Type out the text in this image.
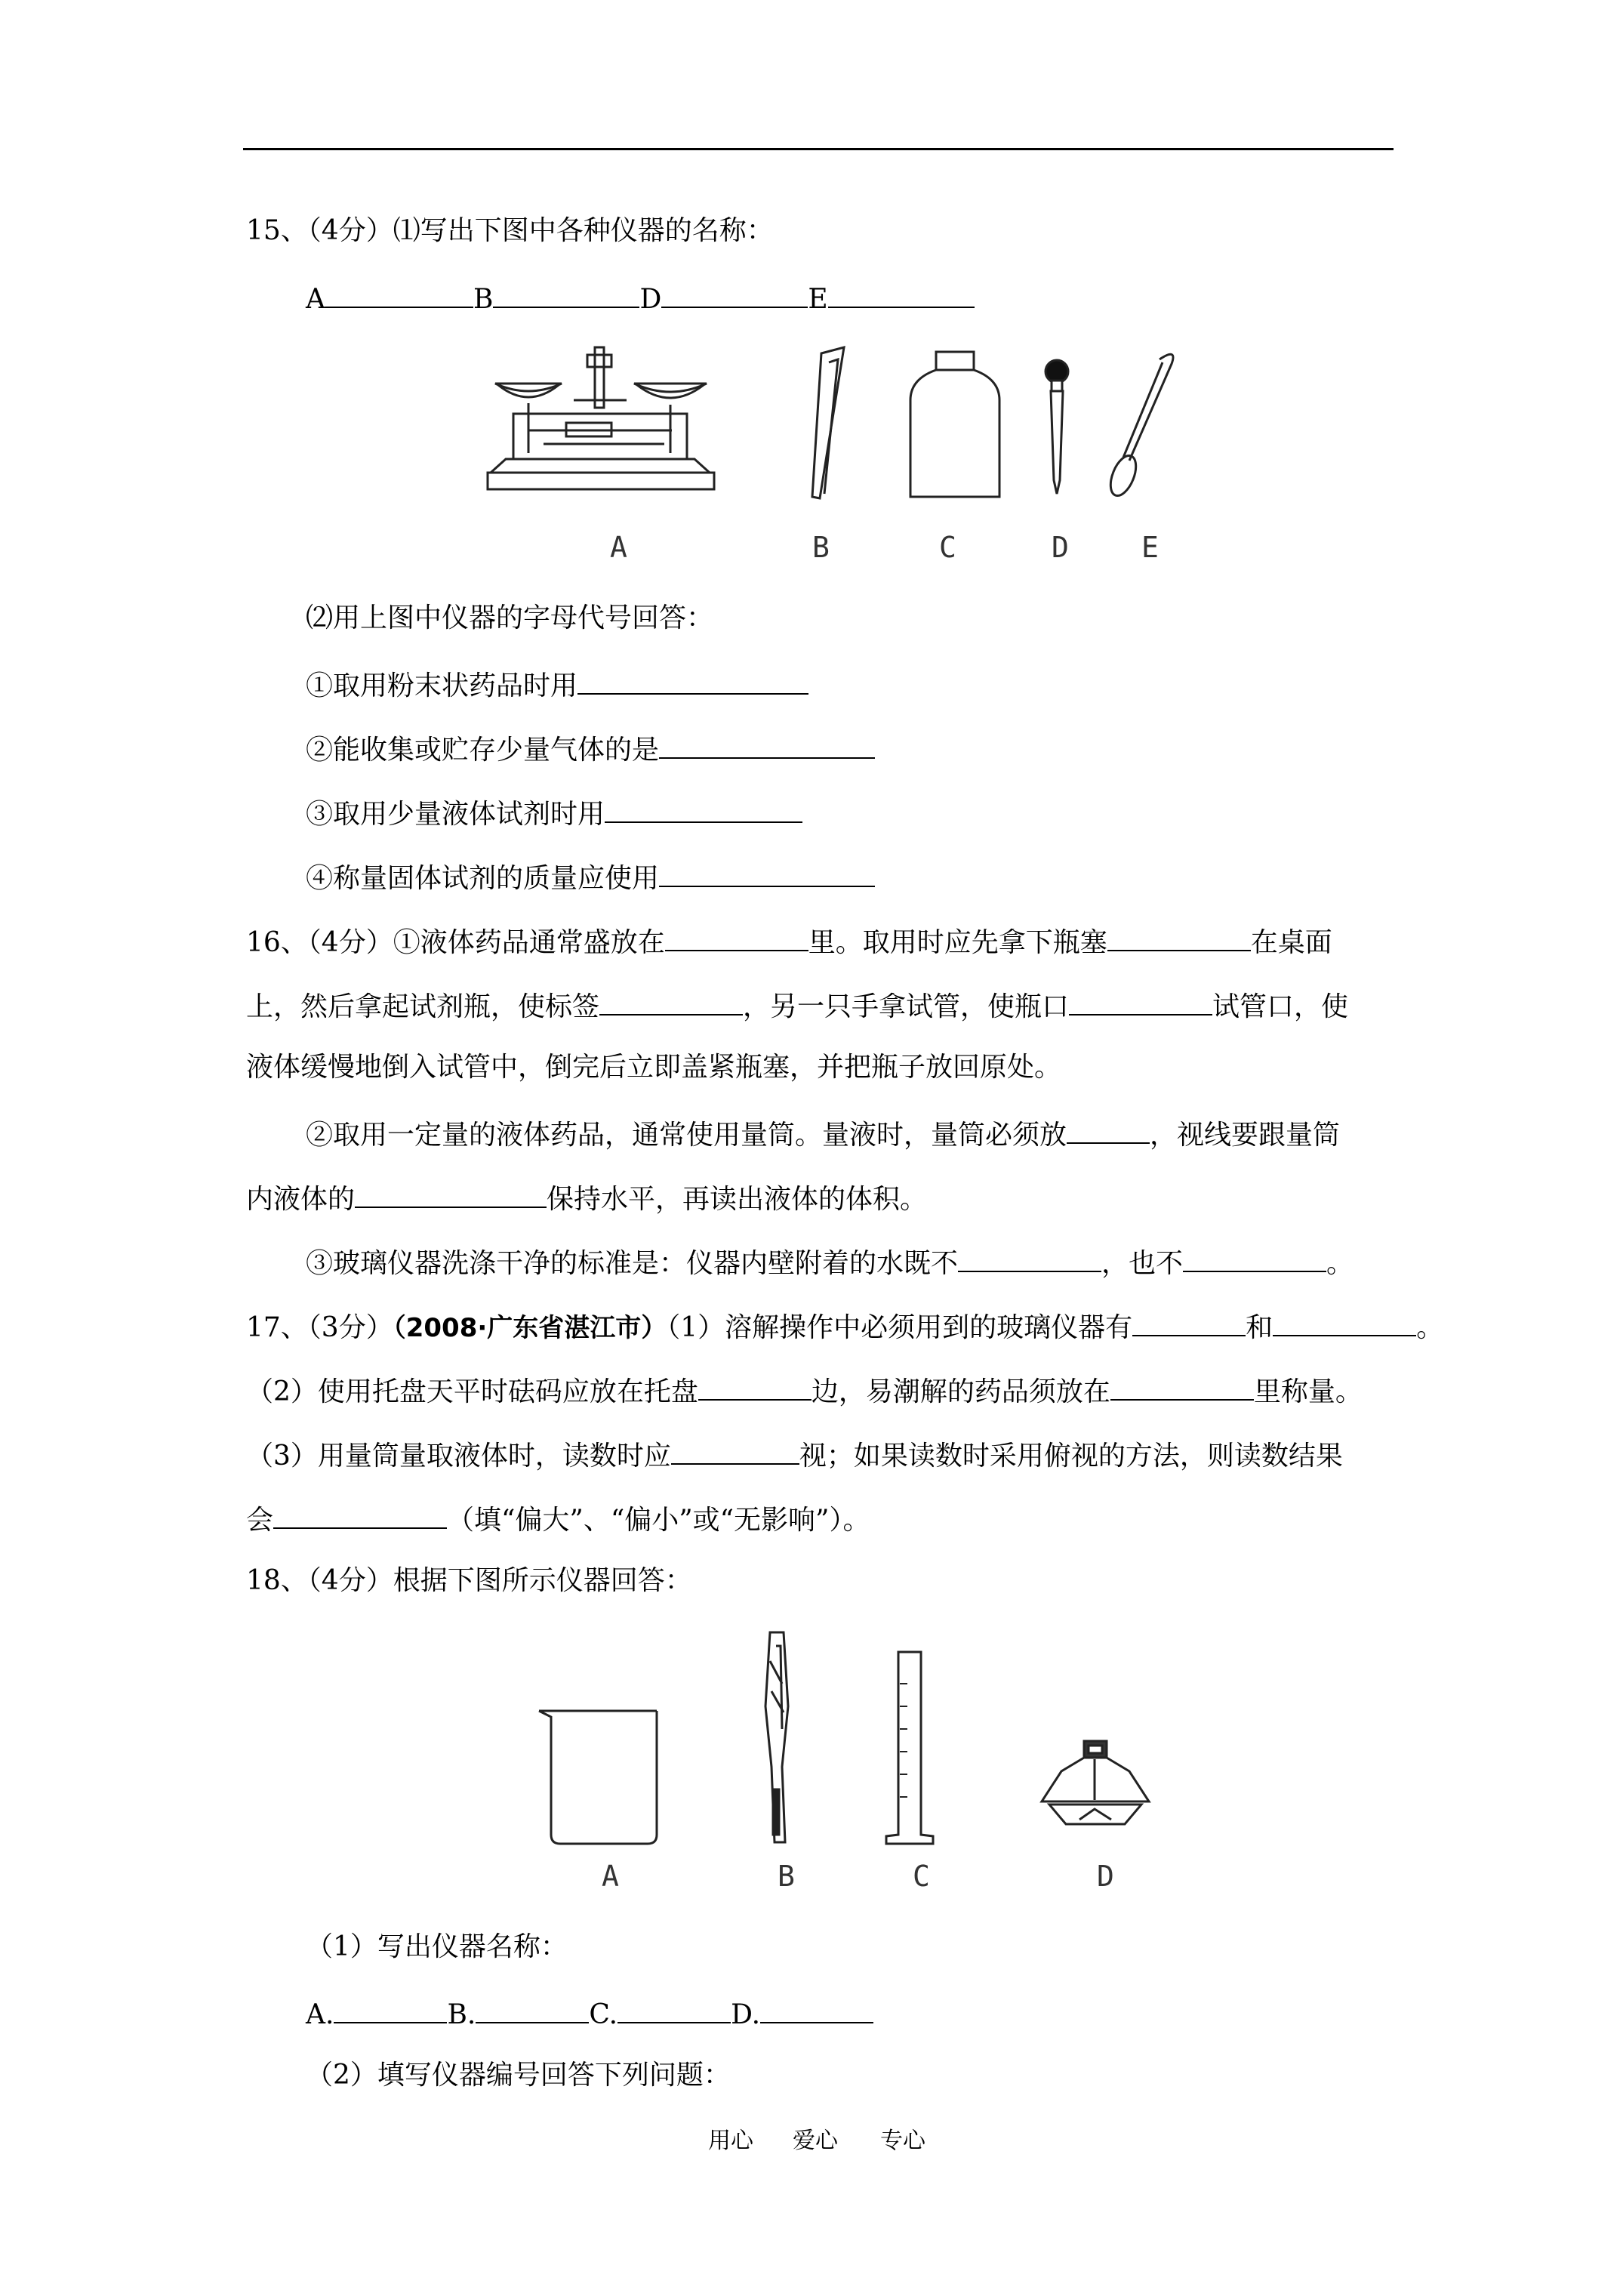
15、（4分）⑴写出下图中各种仪器的名称：
A	B	D	E
A	B	C	D	E
⑵用上图中仪器的字母代号回答：
①取用粉末状药品时用
②能收集或贮存少量气体的是
③取用少量液体试剂时用
④称量固体试剂的质量应使用
16、（4分）①液体药品通常盛放在	里。取用时应先拿下瓶塞	在桌面
上，然后拿起试剂瓶，使标签	，另一只手拿试管，使瓶口	试管口，使
液体缓慢地倒入试管中，倒完后立即盖紧瓶塞，并把瓶子放回原处。
②取用一定量的液体药品，通常使用量筒。量液时，量筒必须放	，视线要跟量筒
内液体的	保持水平，再读出液体的体积。
③玻璃仪器洗涤干净的标准是：仪器内壁附着的水既不	，也不	。
17、（3分）（2008·广东省湛江市）（1）溶解操作中必须用到的玻璃仪器有	和	。
（2）使用托盘天平时砝码应放在托盘	边，易潮解的药品须放在	里称量。
（3）用量筒量取液体时，读数时应	视；如果读数时采用俯视的方法，则读数结果
会	（填“偏大”、“偏小”或“无影响”）。
18、（4分）根据下图所示仪器回答：
A	B	C	D
（1）写出仪器名称：
A.	B.	C.	D.
（2）填写仪器编号回答下列问题：
用心 爱心 专心
